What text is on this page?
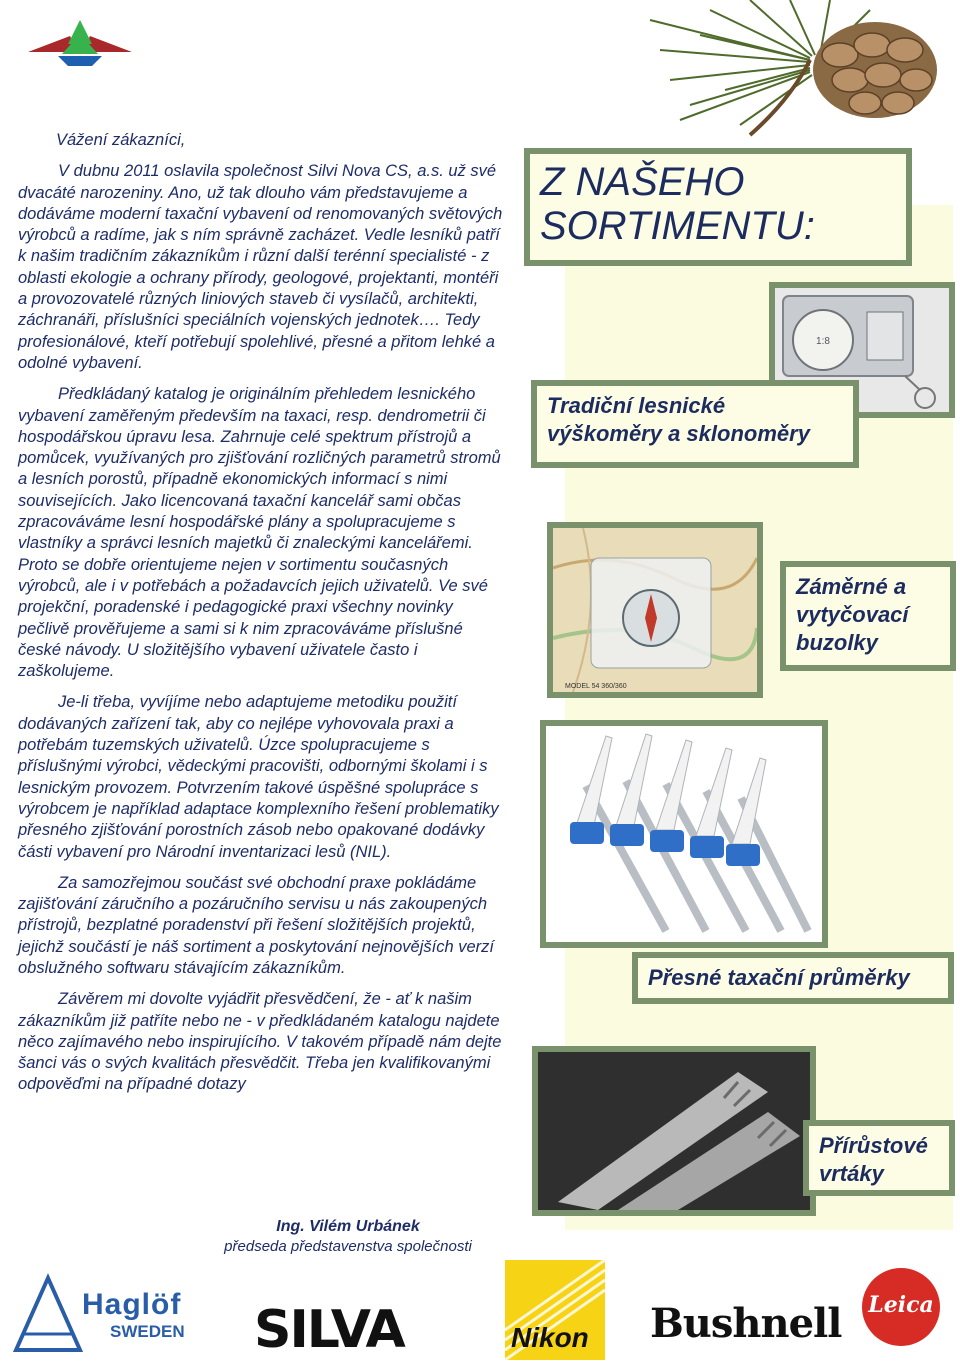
Vážení zákazníci,

V dubnu 2011 oslavila společnost Silvi Nova CS, a.s. už své dvacáté narozeniny. Ano, už tak dlouho vám představujeme a dodáváme moderní taxační vybavení od renomovaných světových výrobců a radíme, jak s ním správně zacházet. Vedle lesníků patří k našim tradičním zákazníkům i různí další terénní specialisté - z oblasti ekologie a ochrany přírody, geologové, projektanti, montéři a provozovatelé různých liniových staveb či vysílačů, architekti, záchranáři, příslušníci speciálních vojenských jednotek…. Tedy profesionálové, kteří potřebují spolehlivé, přesné a přitom lehké a odolné vybavení.

Předkládaný katalog je originálním přehledem lesnického vybavení zaměřeným především na taxaci, resp. dendrometrii či hospodářskou úpravu lesa. Zahrnuje celé spektrum přístrojů a pomůcek, využívaných pro zjišťování rozličných parametrů stromů a lesních porostů, případně ekonomických informací s nimi souvisejících. Jako licencovaná taxační kancelář sami občas zpracováváme lesní hospodářské plány a spolupracujeme s vlastníky a správci lesních majetků či znaleckými kancelářemi. Proto se dobře orientujeme nejen v sortimentu současných výrobců, ale i v potřebách a požadavcích jejich uživatelů. Ve své projekční, poradenské i pedagogické praxi všechny novinky pečlivě prověřujeme a sami si k nim zpracováváme příslušné české návody. U složitějšího vybavení uživatele často i zaškolujeme.

Je-li třeba, vyvíjíme nebo adaptujeme metodiku použití dodávaných zařízení tak, aby co nejlépe vyhovovala praxi a potřebám tuzemských uživatelů. Úzce spolupracujeme s příslušnými výrobci, vědeckými pracovišti, odbornými školami i s lesnickým provozem. Potvrzením takové úspěšné spolupráce s výrobcem je například adaptace komplexního řešení problematiky přesného zjišťování porostních zásob nebo opakované dodávky části vybavení pro Národní inventarizaci lesů (NIL).

Za samozřejmou součást své obchodní praxe pokládáme zajišťování záručního a pozáručního servisu u nás zakoupených přístrojů, bezplatné poradenství při řešení složitějších projektů, jejichž součástí je náš sortiment a poskytování nejnovějších verzí obslužného softwaru stávajícím zákazníkům.

Závěrem mi dovolte vyjádřit přesvědčení, že - ať k našim zákazníkům již patříte nebo ne - v předkládaném katalogu najdete něco zajímavého nebo inspirujícího. V takovém případě nám dejte šanci vás o svých kvalitách přesvědčit. Třeba jen kvalifikovanými odpověďmi na případné dotazy

Ing. Vilém Urbánek
předseda představenstva společnosti
Z NAŠEHO SORTIMENTU:
1:8
Tradiční lesnické výškoměry a sklonoměry
MODEL 54 360/360
Záměrné a vytyčovací buzolky
Přesné taxační průměrky
Přírůstové vrtáky
Haglöf
SWEDEN SILVA	Nikon Bushnell Leica
